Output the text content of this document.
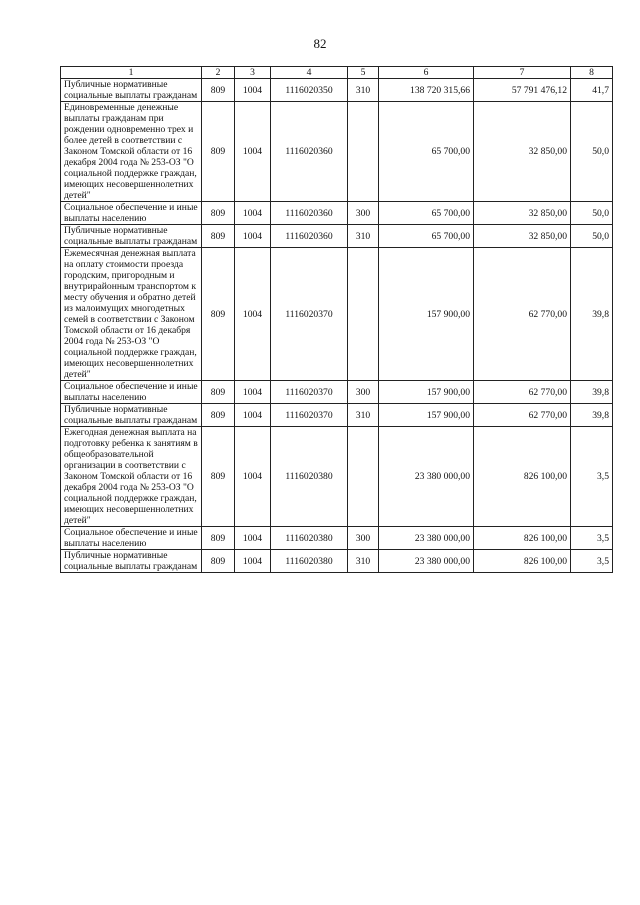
82
1	2	3	4	5	6	7	8
Публичные нормативные социальные выплаты гражданам	809	1004	1116020350	310	138 720 315,66	57 791 476,12	41,7
Единовременные денежные выплаты гражданам при рождении одновременно трех и более детей в соответствии с Законом Томской области от 16 декабря 2004 года № 253-ОЗ "О социальной поддержке граждан, имеющих несовершеннолетних детей"	809	1004	1116020360		65 700,00	32 850,00	50,0
Социальное обеспечение и иные выплаты населению	809	1004	1116020360	300	65 700,00	32 850,00	50,0
Публичные нормативные социальные выплаты гражданам	809	1004	1116020360	310	65 700,00	32 850,00	50,0
Ежемесячная денежная выплата на оплату стоимости проезда городским, пригородным и внутрирайонным транспортом к месту обучения и обратно детей из малоимущих многодетных семей в соответствии с Законом Томской области от 16 декабря 2004 года № 253-ОЗ "О социальной поддержке граждан, имеющих несовершеннолетних детей"	809	1004	1116020370		157 900,00	62 770,00	39,8
Социальное обеспечение и иные выплаты населению	809	1004	1116020370	300	157 900,00	62 770,00	39,8
Публичные нормативные социальные выплаты гражданам	809	1004	1116020370	310	157 900,00	62 770,00	39,8
Ежегодная денежная выплата на подготовку ребенка к занятиям в общеобразовательной организации в соответствии с Законом Томской области от 16 декабря 2004 года № 253-ОЗ "О социальной поддержке граждан, имеющих несовершеннолетних детей"	809	1004	1116020380		23 380 000,00	826 100,00	3,5
Социальное обеспечение и иные выплаты населению	809	1004	1116020380	300	23 380 000,00	826 100,00	3,5
Публичные нормативные социальные выплаты гражданам	809	1004	1116020380	310	23 380 000,00	826 100,00	3,5
